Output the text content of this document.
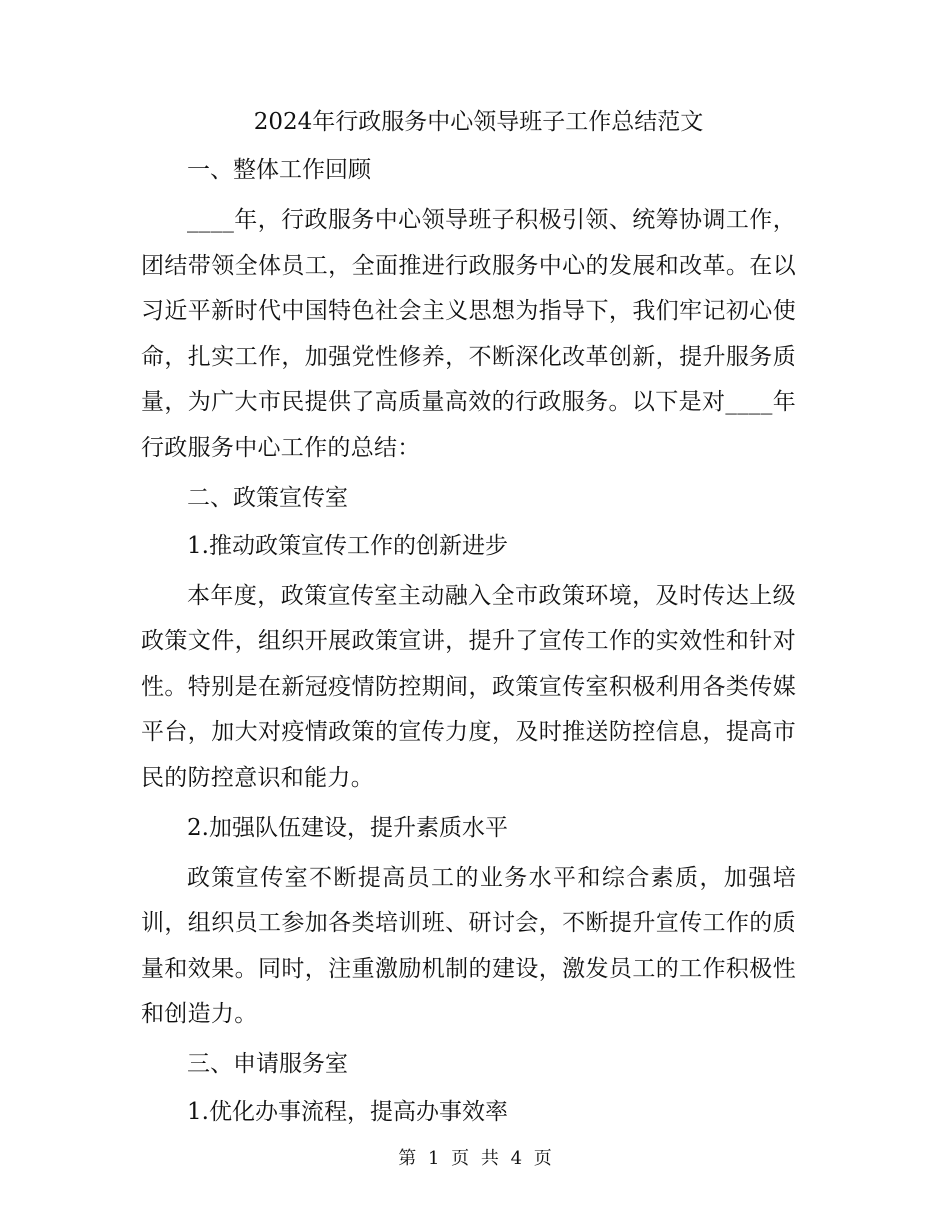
2024年行政服务中心领导班子工作总结范文
一、整体工作回顾
____年，行政服务中心领导班子积极引领、统筹协调工作，团结带领全体员工，全面推进行政服务中心的发展和改革。在以习近平新时代中国特色社会主义思想为指导下，我们牢记初心使命，扎实工作，加强党性修养，不断深化改革创新，提升服务质量，为广大市民提供了高质量高效的行政服务。以下是对____年行政服务中心工作的总结：
二、政策宣传室
1.推动政策宣传工作的创新进步
本年度，政策宣传室主动融入全市政策环境，及时传达上级政策文件，组织开展政策宣讲，提升了宣传工作的实效性和针对性。特别是在新冠疫情防控期间，政策宣传室积极利用各类传媒平台，加大对疫情政策的宣传力度，及时推送防控信息，提高市民的防控意识和能力。
2.加强队伍建设，提升素质水平
政策宣传室不断提高员工的业务水平和综合素质，加强培训，组织员工参加各类培训班、研讨会，不断提升宣传工作的质量和效果。同时，注重激励机制的建设，激发员工的工作积极性和创造力。
三、申请服务室
1.优化办事流程，提高办事效率
第 1 页 共 4 页
